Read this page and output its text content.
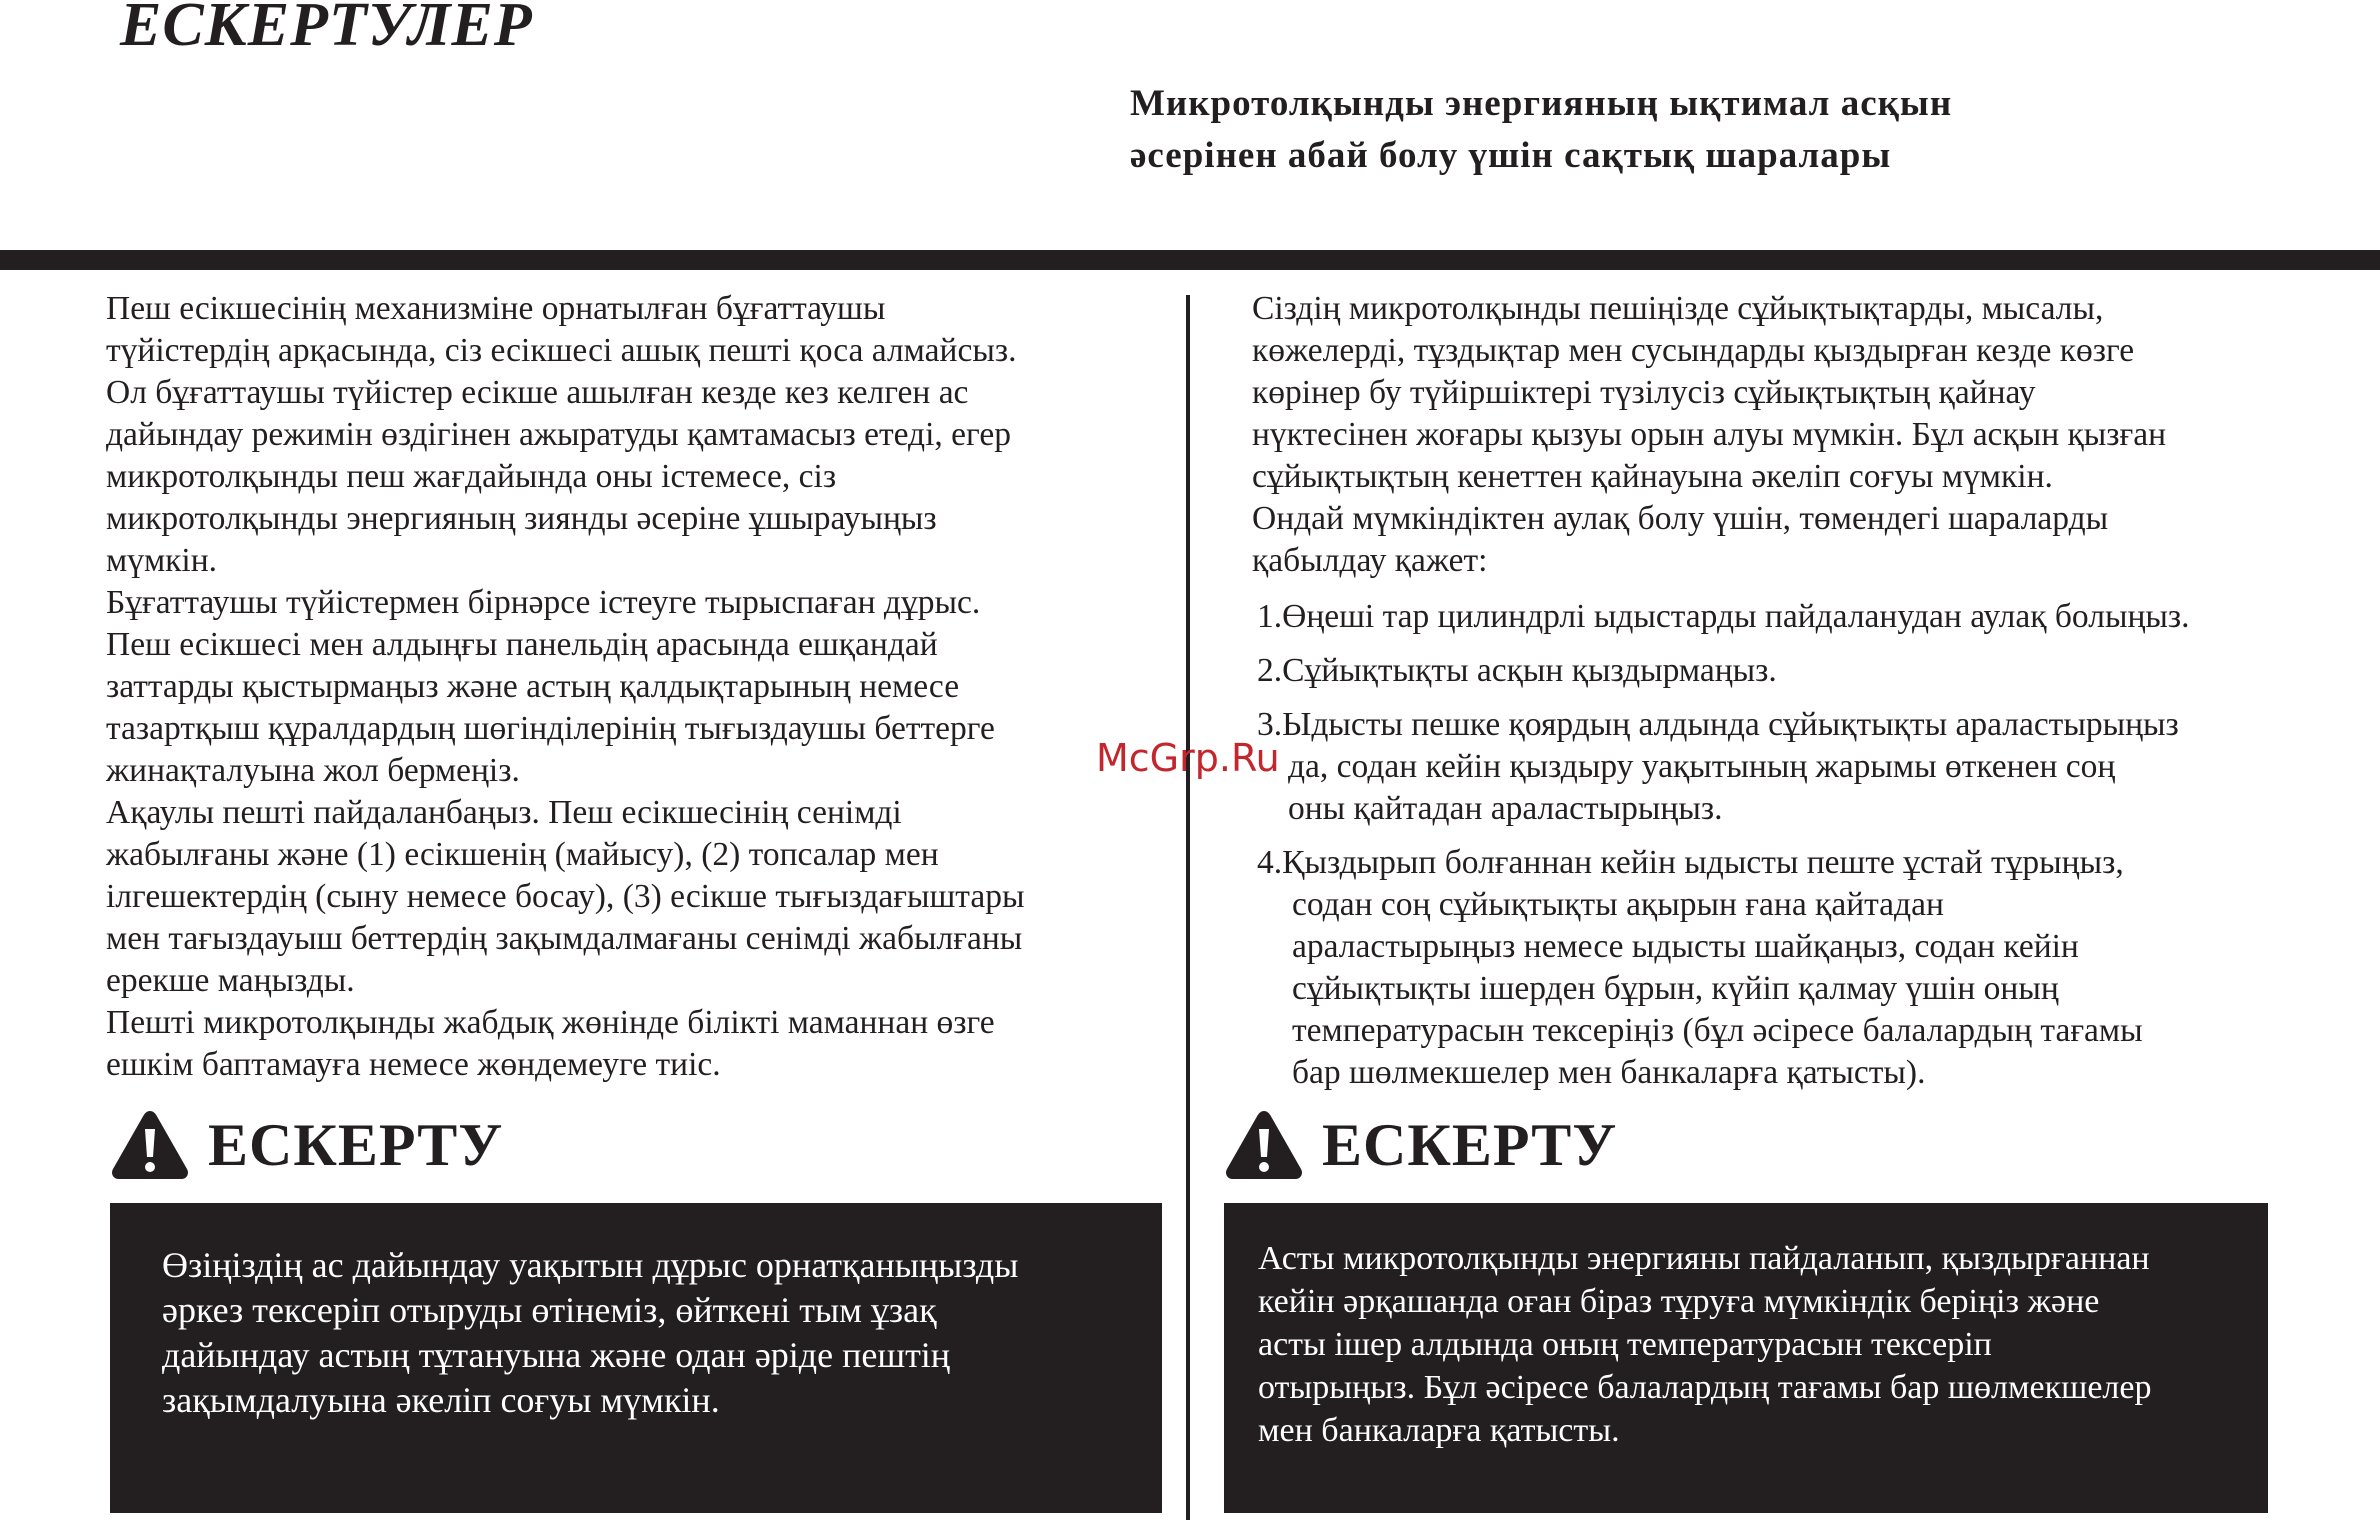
ЕСКЕРТУЛЕР
Микротолқынды энергияның ықтимал асқын
әсерінен абай болу үшін сақтық шаралары
Пеш есікшесінің механизміне орнатылған бұғаттаушы
түйістердің арқасында, сіз есікшесі ашық пешті қоса алмайсыз.
Ол бұғаттаушы түйістер есікше ашылған кезде кез келген ас
дайындау режимін өздігінен ажыратуды қамтамасыз етеді, егер
микротолқынды пеш жағдайында оны істемесе, сіз
микротолқынды энергияның зиянды әсеріне ұшырауыңыз
мүмкін.
Бұғаттаушы түйістермен бірнәрсе істеуге тырыспаған дұрыс.
Пеш есікшесі мен алдыңғы панельдің арасында ешқандай
заттарды қыстырмаңыз және астың қалдықтарының немесе
тазартқыш құралдардың шөгінділерінің тығыздаушы беттерге
жинақталуына жол бермеңіз.
Ақаулы пешті пайдаланбаңыз. Пеш есікшесінің сенімді
жабылғаны және (1) есікшенің (майысу), (2) топсалар мен
ілгешектердің (сыну немесе босау), (3) есікше тығыздағыштары
мен тағыздауыш беттердің зақымдалмағаны сенімді жабылғаны
ерекше маңызды.
Пешті микротолқынды жабдық жөнінде білікті маманнан өзге
ешкім баптамауға немесе жөндемеуге тиіс.
Сіздің микротолқынды пешіңізде сұйықтықтарды, мысалы,
көжелерді, тұздықтар мен сусындарды қыздырған кезде көзге
көрінер бу түйіршіктері түзілусіз сұйықтықтың қайнау
нүктесінен жоғары қызуы орын алуы мүмкін. Бұл асқын қызған
сұйықтықтың кенеттен қайнауына әкеліп соғуы мүмкін.
Ондай мүмкіндіктен аулақ болу үшін, төмендегі шараларды
қабылдау қажет:
1.Өңеші тар цилиндрлі ыдыстарды пайдаланудан аулақ болыңыз.
2.Сұйықтықты асқын қыздырмаңыз.
3.Ыдысты пешке қоярдың алдында сұйықтықты араластырыңыз
да, содан кейін қыздыру уақытының жарымы өткенен соң
оны қайтадан араластырыңыз.
4.Қыздырып болғаннан кейін ыдысты пеште ұстай тұрыңыз,
содан соң сұйықтықты ақырын ғана қайтадан
араластырыңыз немесе ыдысты шайқаңыз, содан кейін
сұйықтықты ішерден бұрын, күйіп қалмау үшін оның
температурасын тексеріңіз (бұл әсіресе балалардың тағамы
бар шөлмекшелер мен банкаларға қатысты).
ЕСКЕРТУ
Өзіңіздің ас дайындау уақытын дұрыс орнатқаныңызды
әркез тексеріп отыруды өтінеміз, өйткені тым ұзақ
дайындау астың тұтануына және одан әріде пештің
зақымдалуына әкеліп соғуы мүмкін.
ЕСКЕРТУ
Асты микротолқынды энергияны пайдаланып, қыздырғаннан
кейін әрқашанда оған біраз тұруға мүмкіндік беріңіз және
асты ішер алдында оның температурасын тексеріп
отырыңыз. Бұл әсіресе балалардың тағамы бар шөлмекшелер
мен банкаларға қатысты.
McGrp.Ru
